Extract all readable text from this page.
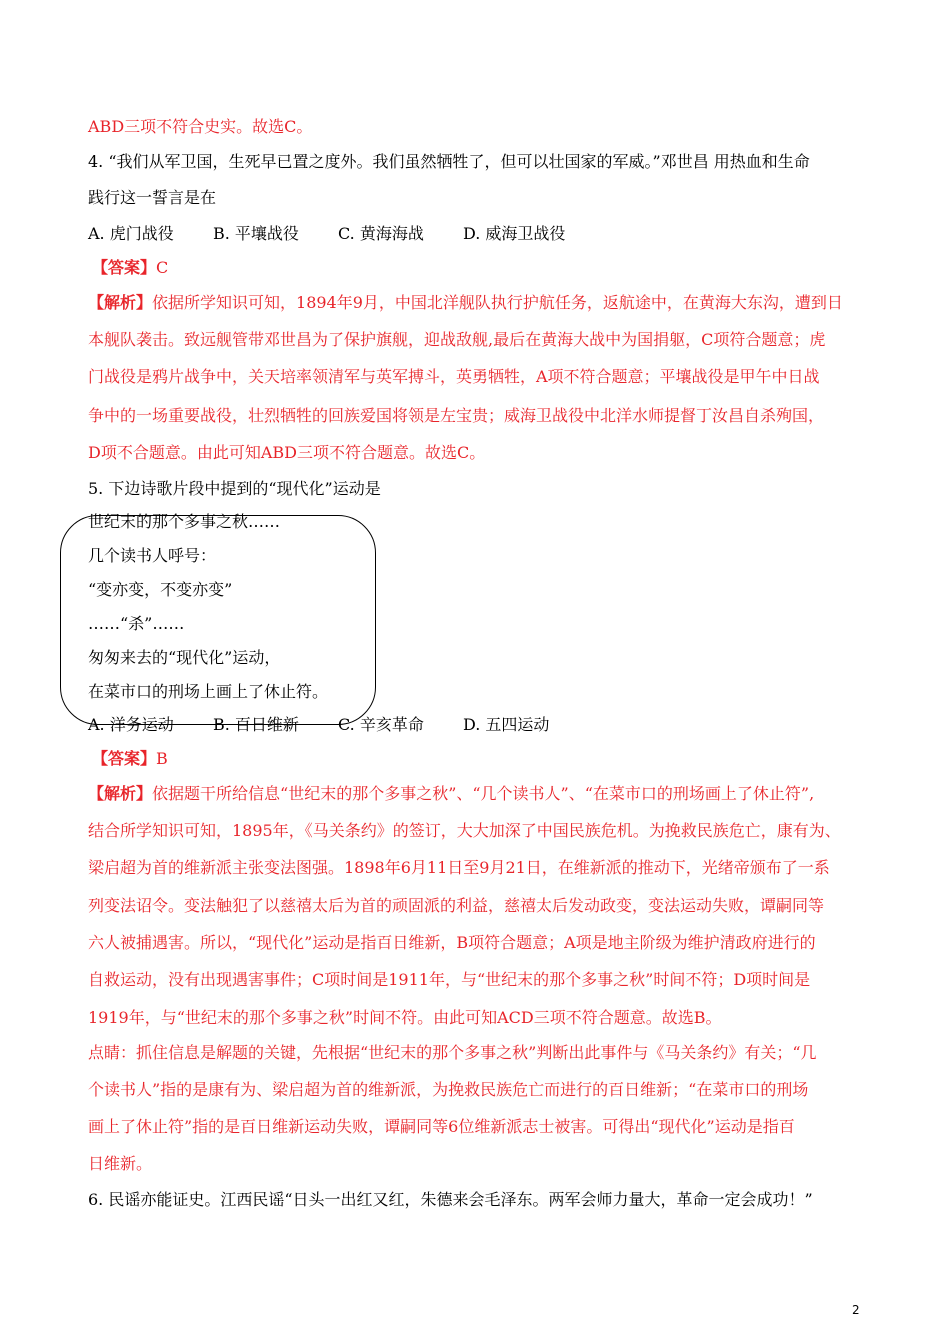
ABD三项不符合史实。故选C。
4. “我们从军卫国，生死早已置之度外。我们虽然牺牲了，但可以壮国家的军威。”邓世昌 用热血和生命
践行这一誓言是在
A. 虎门战役 B. 平壤战役 C. 黄海海战 D. 威海卫战役
【答案】C
【解析】依据所学知识可知，1894年9月，中国北洋舰队执行护航任务，返航途中，在黄海大东沟，遭到日
本舰队袭击。致远舰管带邓世昌为了保护旗舰，迎战敌舰,最后在黄海大战中为国捐躯，C项符合题意；虎
门战役是鸦片战争中，关天培率领清军与英军搏斗，英勇牺牲，A项不符合题意；平壤战役是甲午中日战
争中的一场重要战役，壮烈牺牲的回族爱国将领是左宝贵；威海卫战役中北洋水师提督丁汝昌自杀殉国，
D项不合题意。由此可知ABD三项不符合题意。故选C。
5. 下边诗歌片段中提到的“现代化”运动是
世纪末的那个多事之秋……
几个读书人呼号：
“变亦变，不变亦变”
……“杀”……
匆匆来去的“现代化”运动，
在菜市口的刑场上画上了休止符。
A. 洋务运动 B. 百日维新 C. 辛亥革命 D. 五四运动
【答案】B
【解析】依据题干所给信息“世纪末的那个多事之秋”、“几个读书人”、“在菜市口的刑场画上了休止符”,
结合所学知识可知，1895年，《马关条约》的签订，大大加深了中国民族危机。为挽救民族危亡，康有为、
梁启超为首的维新派主张变法图强。1898年6月11日至9月21日，在维新派的推动下，光绪帝颁布了一系
列变法诏令。变法触犯了以慈禧太后为首的顽固派的利益，慈禧太后发动政变，变法运动失败，谭嗣同等
六人被捕遇害。所以，“现代化”运动是指百日维新，B项符合题意；A项是地主阶级为维护清政府进行的
自救运动，没有出现遇害事件；C项时间是1911年，与“世纪末的那个多事之秋”时间不符；D项时间是
1919年，与“世纪末的那个多事之秋”时间不符。由此可知ACD三项不符合题意。故选B。
点睛：抓住信息是解题的关键，先根据“世纪末的那个多事之秋”判断出此事件与《马关条约》有关；“几
个读书人”指的是康有为、梁启超为首的维新派，为挽救民族危亡而进行的百日维新；“在菜市口的刑场
画上了休止符”指的是百日维新运动失败，谭嗣同等6位维新派志士被害。可得出“现代化”运动是指百
日维新。
6. 民谣亦能证史。江西民谣“日头一出红又红，朱德来会毛泽东。两军会师力量大，革命一定会成功！”
2
